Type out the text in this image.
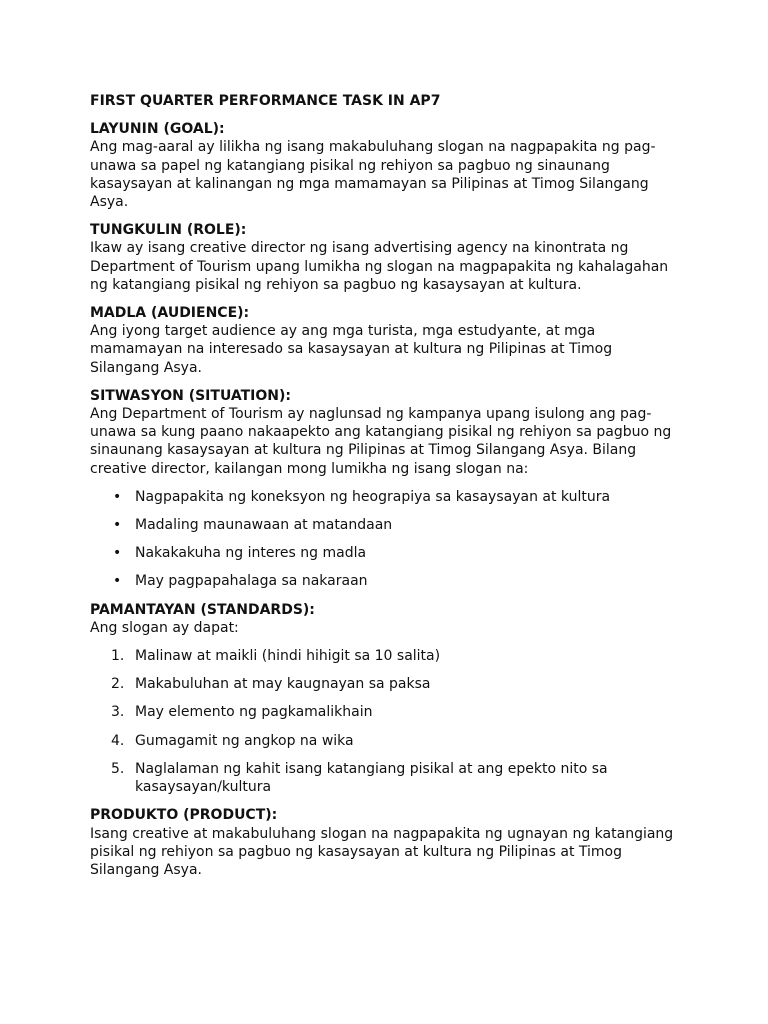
FIRST QUARTER PERFORMANCE TASK IN AP7

LAYUNIN (GOAL):

Ang mag-aaral ay lilikha ng isang makabuluhang slogan na nagpapakita ng pag-unawa sa papel ng katangiang pisikal ng rehiyon sa pagbuo ng sinaunang kasaysayan at kalinangan ng mga mamamayan sa Pilipinas at Timog Silangang Asya.

TUNGKULIN (ROLE):

Ikaw ay isang creative director ng isang advertising agency na kinontrata ng Department of Tourism upang lumikha ng slogan na magpapakita ng kahalagahan ng katangiang pisikal ng rehiyon sa pagbuo ng kasaysayan at kultura.

MADLA (AUDIENCE):

Ang iyong target audience ay ang mga turista, mga estudyante, at mga mamamayan na interesado sa kasaysayan at kultura ng Pilipinas at Timog Silangang Asya.

SITWASYON (SITUATION):

Ang Department of Tourism ay naglunsad ng kampanya upang isulong ang pag-unawa sa kung paano nakaapekto ang katangiang pisikal ng rehiyon sa pagbuo ng sinaunang kasaysayan at kultura ng Pilipinas at Timog Silangang Asya. Bilang creative director, kailangan mong lumikha ng isang slogan na:

• Nagpapakita ng koneksyon ng heograpiya sa kasaysayan at kultura
• Madaling maunawaan at matandaan
• Nakakakuha ng interes ng madla
• May pagpapahalaga sa nakaraan
PAMANTAYAN (STANDARDS):

Ang slogan ay dapat:

1. Malinaw at maikli (hindi hihigit sa 10 salita)
2. Makabuluhan at may kaugnayan sa paksa
3. May elemento ng pagkamalikhain
4. Gumagamit ng angkop na wika
5. Naglalaman ng kahit isang katangiang pisikal at ang epekto nito sa kasaysayan/kultura
PRODUKTO (PRODUCT):

Isang creative at makabuluhang slogan na nagpapakita ng ugnayan ng katangiang pisikal ng rehiyon sa pagbuo ng kasaysayan at kultura ng Pilipinas at Timog Silangang Asya.
